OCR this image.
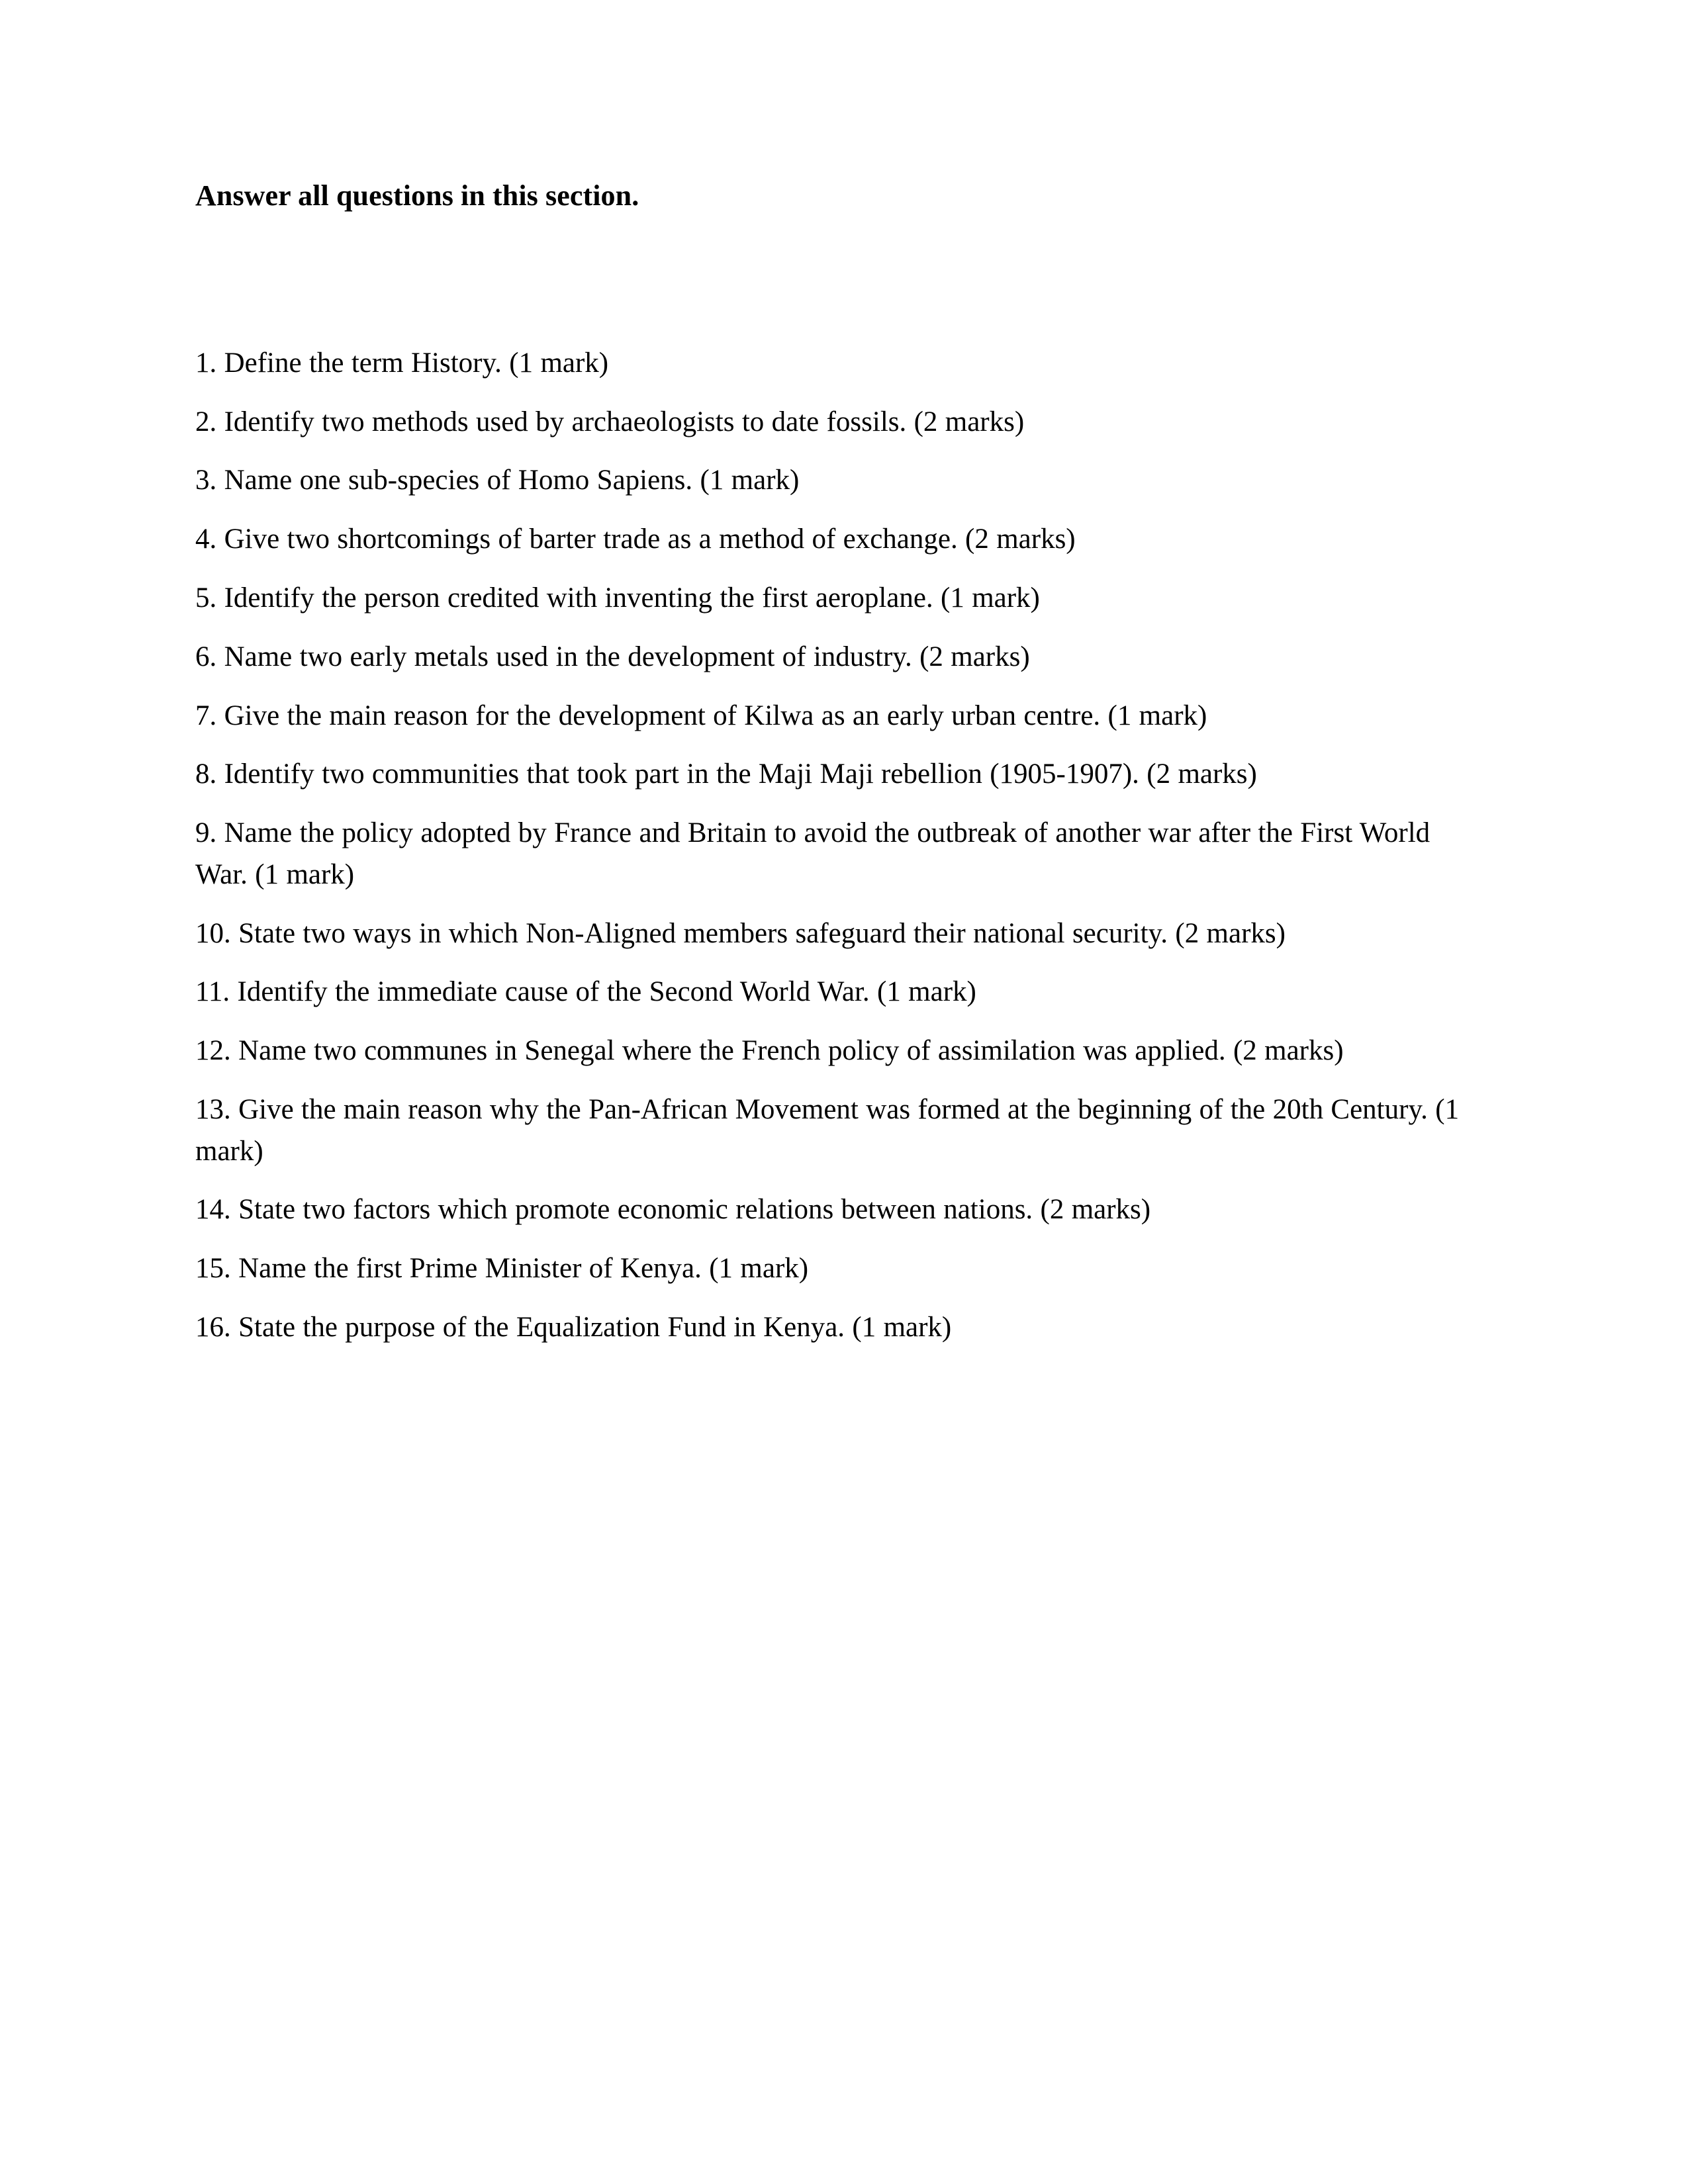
Answer all questions in this section.
1. Define the term History. (1 mark)
2. Identify two methods used by archaeologists to date fossils. (2 marks)
3. Name one sub-species of Homo Sapiens. (1 mark)
4. Give two shortcomings of barter trade as a method of exchange. (2 marks)
5. Identify the person credited with inventing the first aeroplane. (1 mark)
6. Name two early metals used in the development of industry. (2 marks)
7. Give the main reason for the development of Kilwa as an early urban centre. (1 mark)
8. Identify two communities that took part in the Maji Maji rebellion (1905-1907). (2 marks)
9. Name the policy adopted by France and Britain to avoid the outbreak of another war after the First World War. (1 mark)
10. State two ways in which Non-Aligned members safeguard their national security. (2 marks)
11. Identify the immediate cause of the Second World War. (1 mark)
12. Name two communes in Senegal where the French policy of assimilation was applied. (2 marks)
13. Give the main reason why the Pan-African Movement was formed at the beginning of the 20th Century. (1 mark)
14. State two factors which promote economic relations between nations. (2 marks)
15. Name the first Prime Minister of Kenya. (1 mark)
16. State the purpose of the Equalization Fund in Kenya. (1 mark)
